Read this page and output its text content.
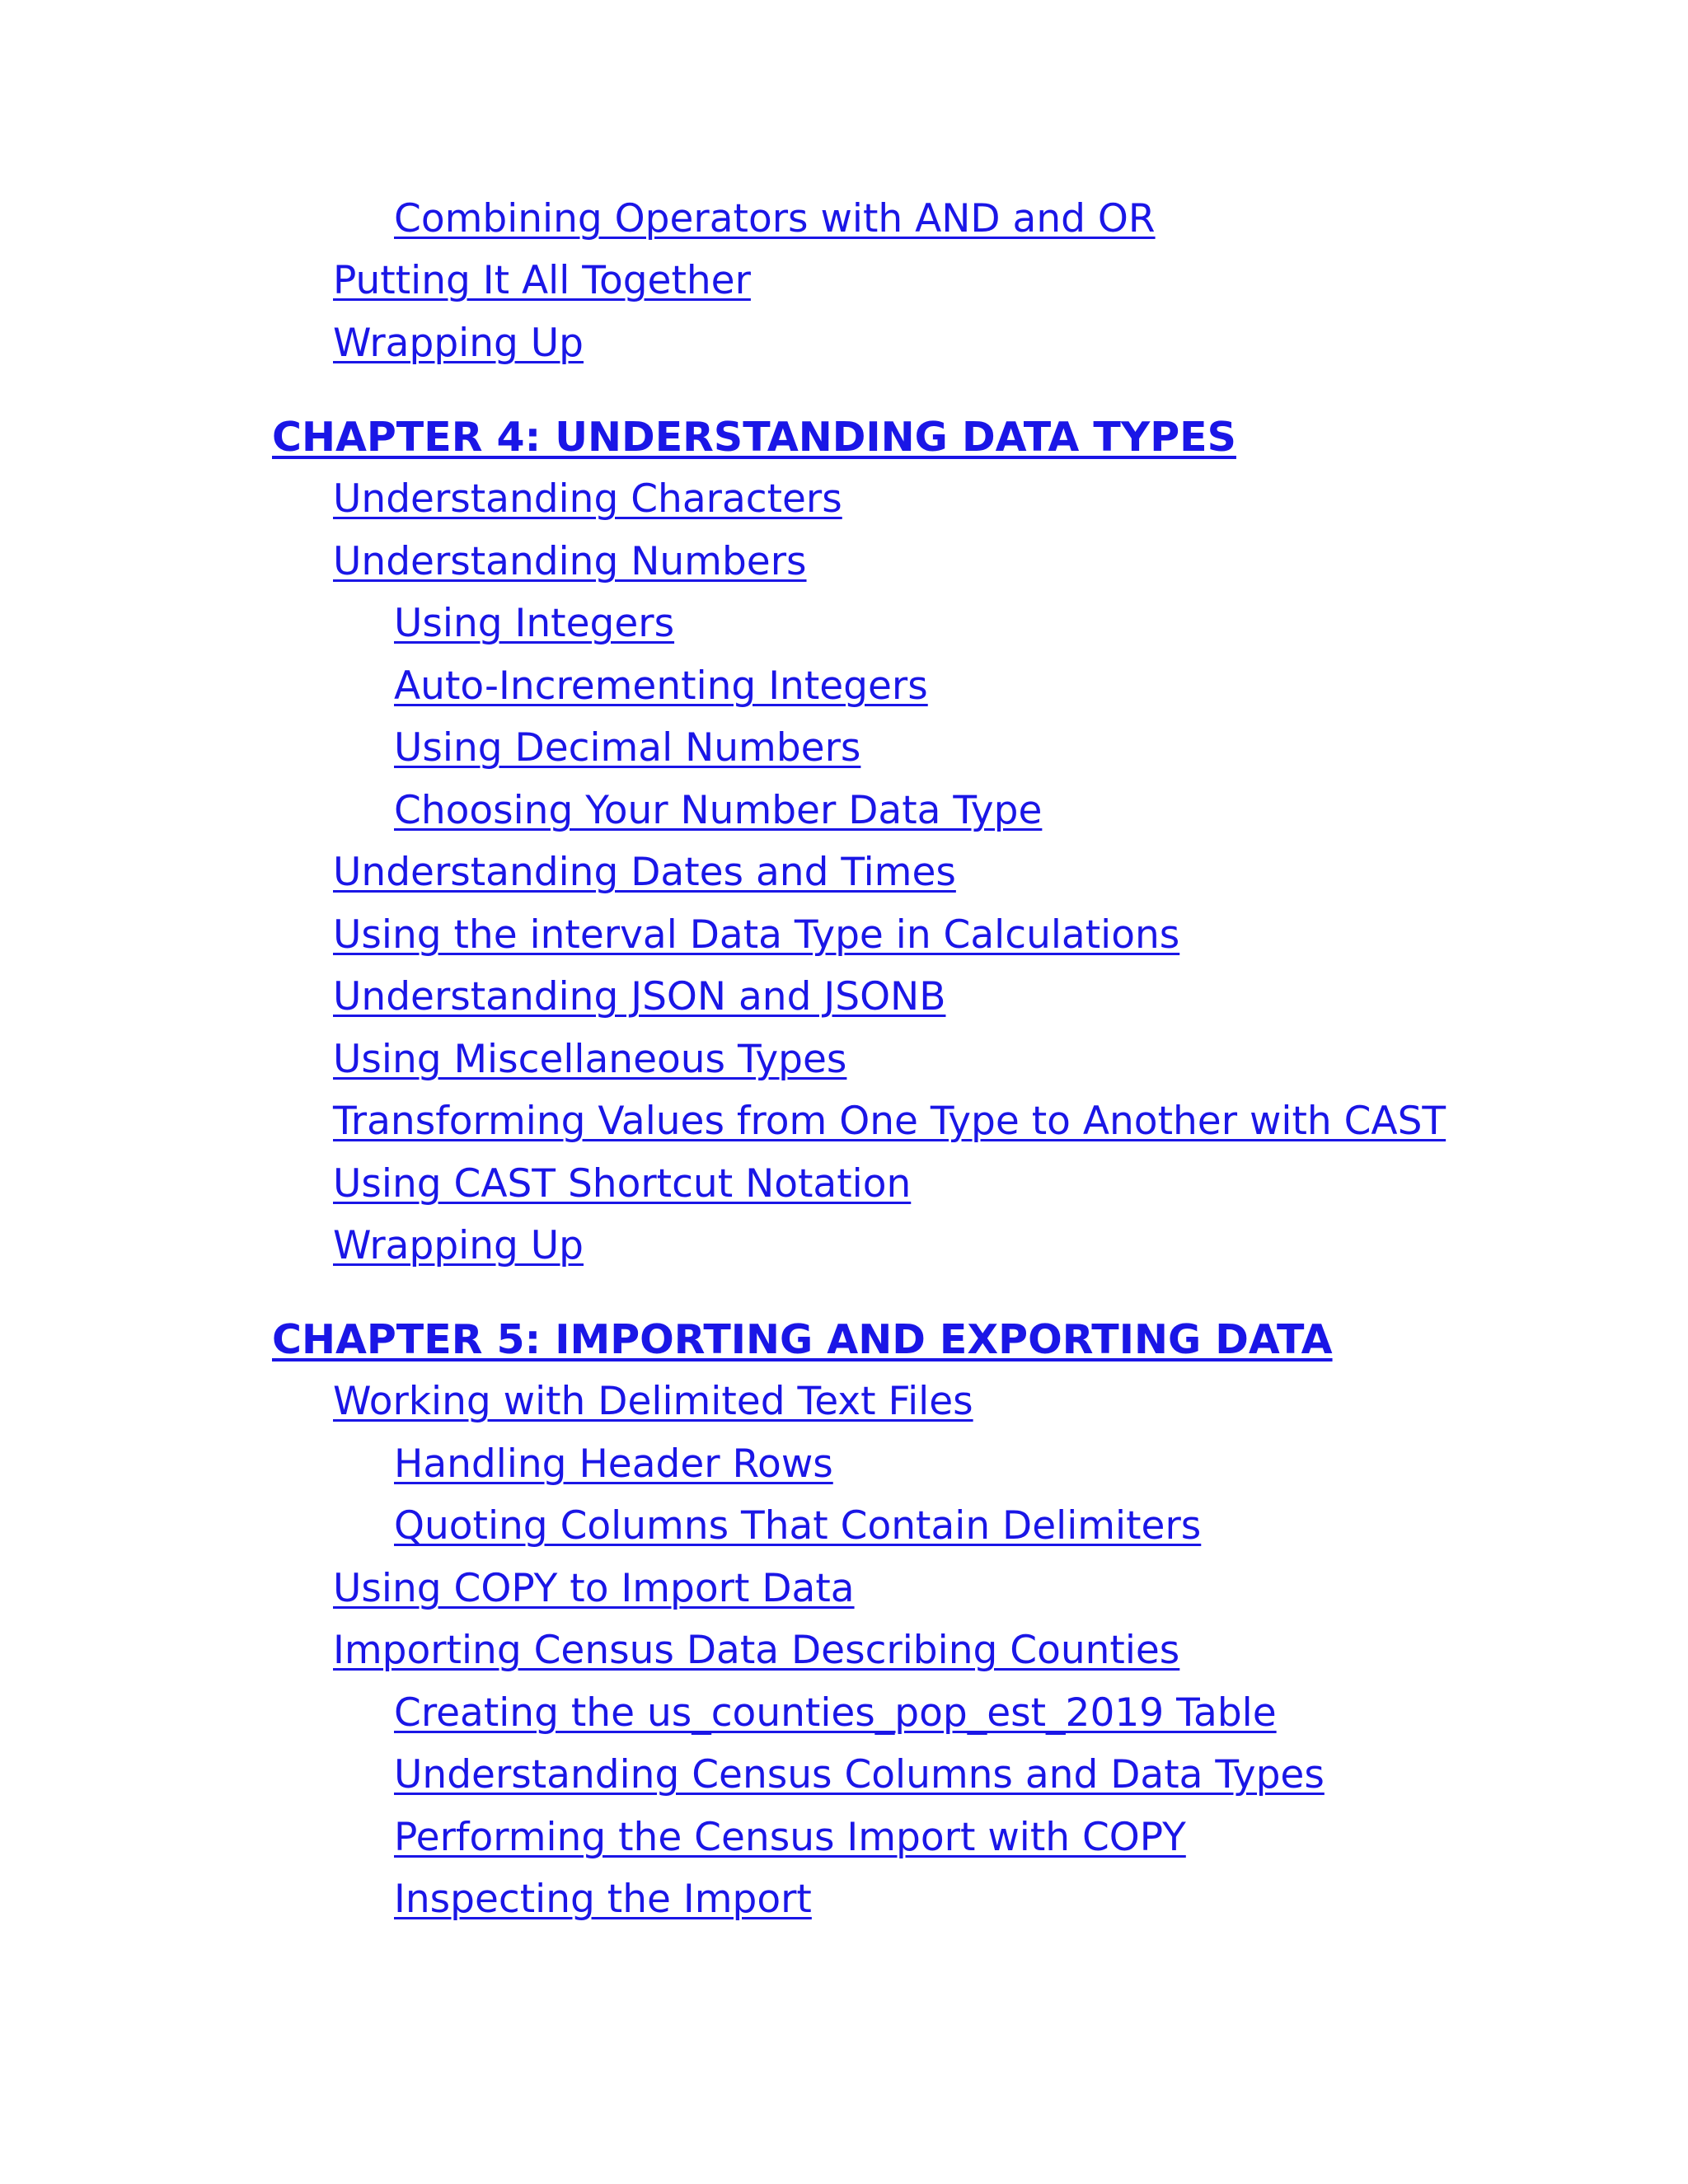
Combining Operators with AND and OR
Putting It All Together
Wrapping Up
CHAPTER 4: UNDERSTANDING DATA TYPES
Understanding Characters
Understanding Numbers
Using Integers
Auto-Incrementing Integers
Using Decimal Numbers
Choosing Your Number Data Type
Understanding Dates and Times
Using the interval Data Type in Calculations
Understanding JSON and JSONB
Using Miscellaneous Types
Transforming Values from One Type to Another with CAST
Using CAST Shortcut Notation
Wrapping Up
CHAPTER 5: IMPORTING AND EXPORTING DATA
Working with Delimited Text Files
Handling Header Rows
Quoting Columns That Contain Delimiters
Using COPY to Import Data
Importing Census Data Describing Counties
Creating the us_counties_pop_est_2019 Table
Understanding Census Columns and Data Types
Performing the Census Import with COPY
Inspecting the Import
